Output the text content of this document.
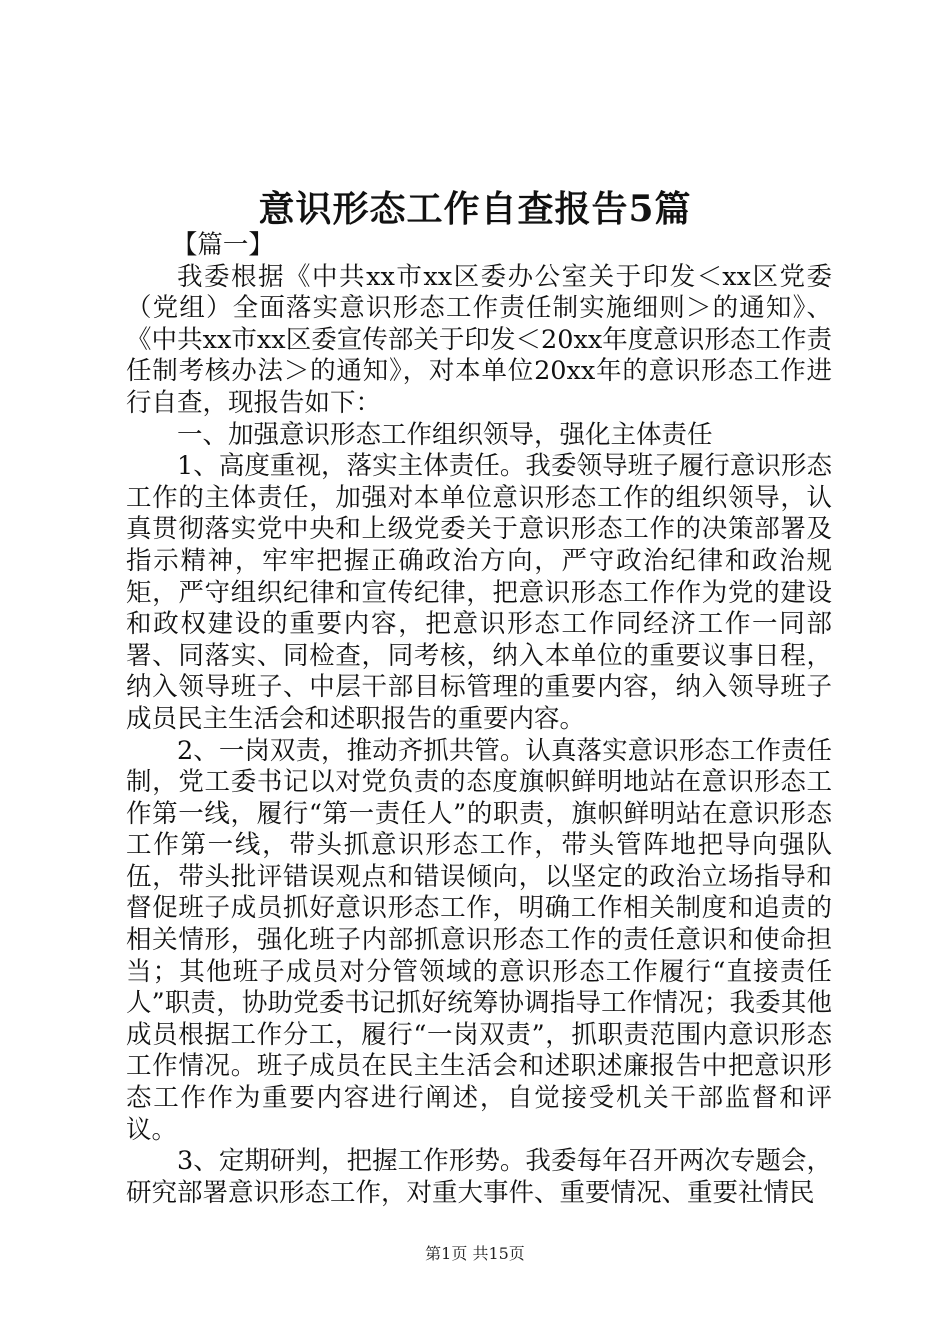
意识形态工作自查报告5篇

【篇一】

我委根据《中共xx市xx区委办公室关于印发＜xx区党委（党组）全面落实意识形态工作责任制实施细则＞的通知》、《中共xx市xx区委宣传部关于印发＜20xx年度意识形态工作责任制考核办法＞的通知》，对本单位20xx年的意识形态工作进行自查，现报告如下：

一、加强意识形态工作组织领导，强化主体责任

1、高度重视，落实主体责任。我委领导班子履行意识形态工作的主体责任，加强对本单位意识形态工作的组织领导，认真贯彻落实党中央和上级党委关于意识形态工作的决策部署及指示精神，牢牢把握正确政治方向，严守政治纪律和政治规矩，严守组织纪律和宣传纪律，把意识形态工作作为党的建设和政权建设的重要内容，把意识形态工作同经济工作一同部署、同落实、同检查，同考核，纳入本单位的重要议事日程，纳入领导班子、中层干部目标管理的重要内容，纳入领导班子成员民主生活会和述职报告的重要内容。

2、一岗双责，推动齐抓共管。认真落实意识形态工作责任制，党工委书记以对党负责的态度旗帜鲜明地站在意识形态工作第一线，履行“第一责任人”的职责，旗帜鲜明站在意识形态工作第一线，带头抓意识形态工作，带头管阵地把导向强队伍，带头批评错误观点和错误倾向，以坚定的政治立场指导和督促班子成员抓好意识形态工作，明确工作相关制度和追责的相关情形，强化班子内部抓意识形态工作的责任意识和使命担当；其他班子成员对分管领域的意识形态工作履行“直接责任人”职责，协助党委书记抓好统筹协调指导工作情况；我委其他成员根据工作分工，履行“一岗双责”，抓职责范围内意识形态工作情况。班子成员在民主生活会和述职述廉报告中把意识形态工作作为重要内容进行阐述，自觉接受机关干部监督和评议。

3、定期研判，把握工作形势。我委每年召开两次专题会，研究部署意识形态工作，对重大事件、重要情况、重要社情民

第1页 共15页
